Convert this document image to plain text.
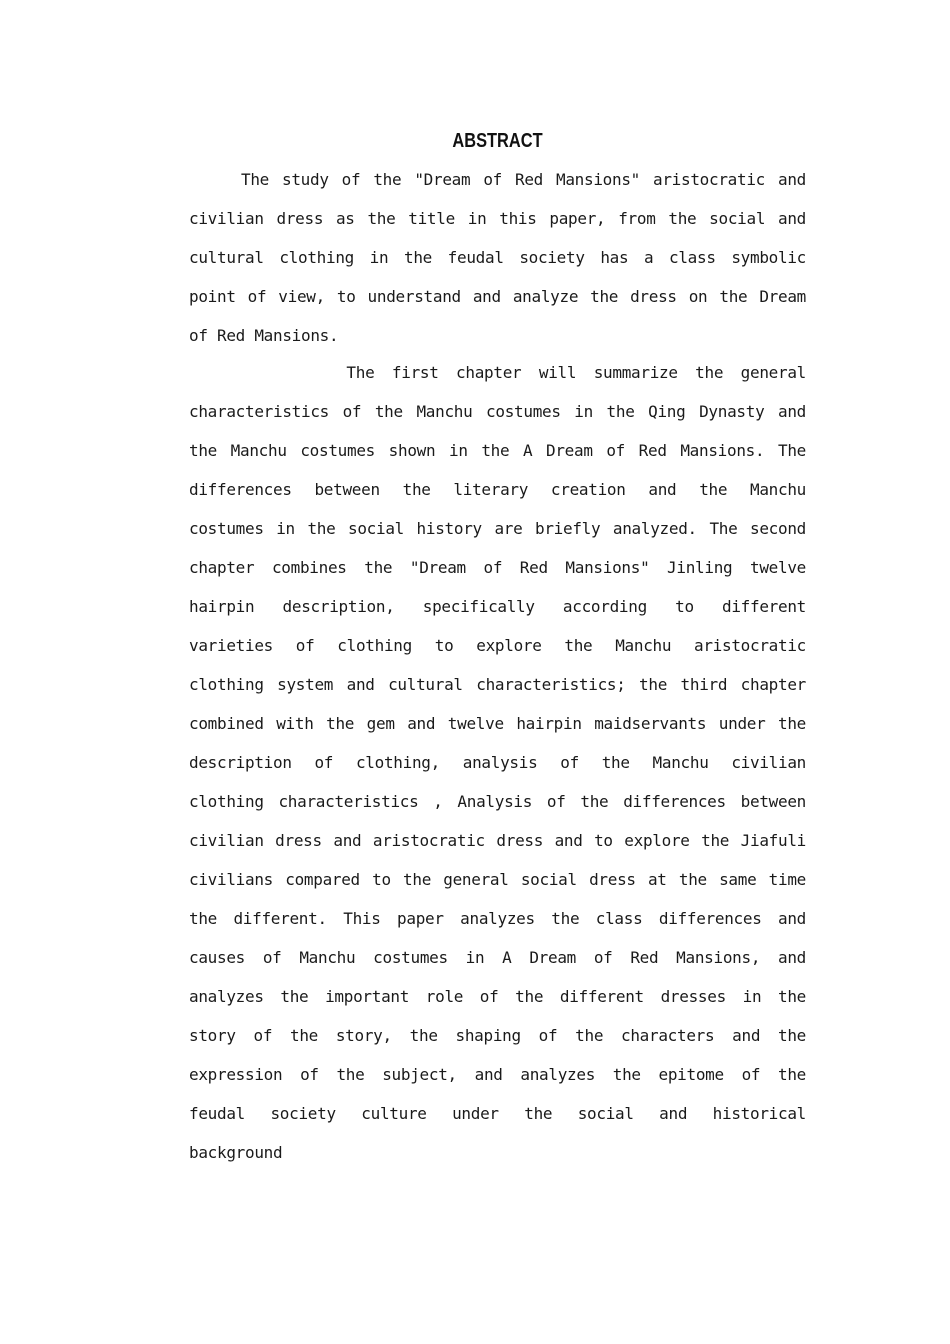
ABSTRACT
The study of the "Dream of Red Mansions" aristocratic and
civilian dress as the title in this paper, from the social and
cultural clothing in the feudal society has a class symbolic
point of view, to understand and analyze the dress on the Dream
of Red Mansions.
The first chapter will summarize the general
characteristics of the Manchu costumes in the Qing Dynasty and
the Manchu costumes shown in the A Dream of Red Mansions. The
differences between the literary creation and the Manchu
costumes in the social history are briefly analyzed. The second
chapter combines the "Dream of Red Mansions" Jinling twelve
hairpin description, specifically according to different
varieties of clothing to explore the Manchu aristocratic
clothing system and cultural characteristics; the third chapter
combined with the gem and twelve hairpin maidservants under the
description of clothing, analysis of the Manchu civilian
clothing characteristics , Analysis of the differences between
civilian dress and aristocratic dress and to explore the Jiafuli
civilians compared to the general social dress at the same time
the different. This paper analyzes the class differences and
causes of Manchu costumes in A Dream of Red Mansions, and
analyzes the important role of the different dresses in the
story of the story, the shaping of the characters and the
expression of the subject, and analyzes the epitome of the
feudal society culture under the social and historical
background
